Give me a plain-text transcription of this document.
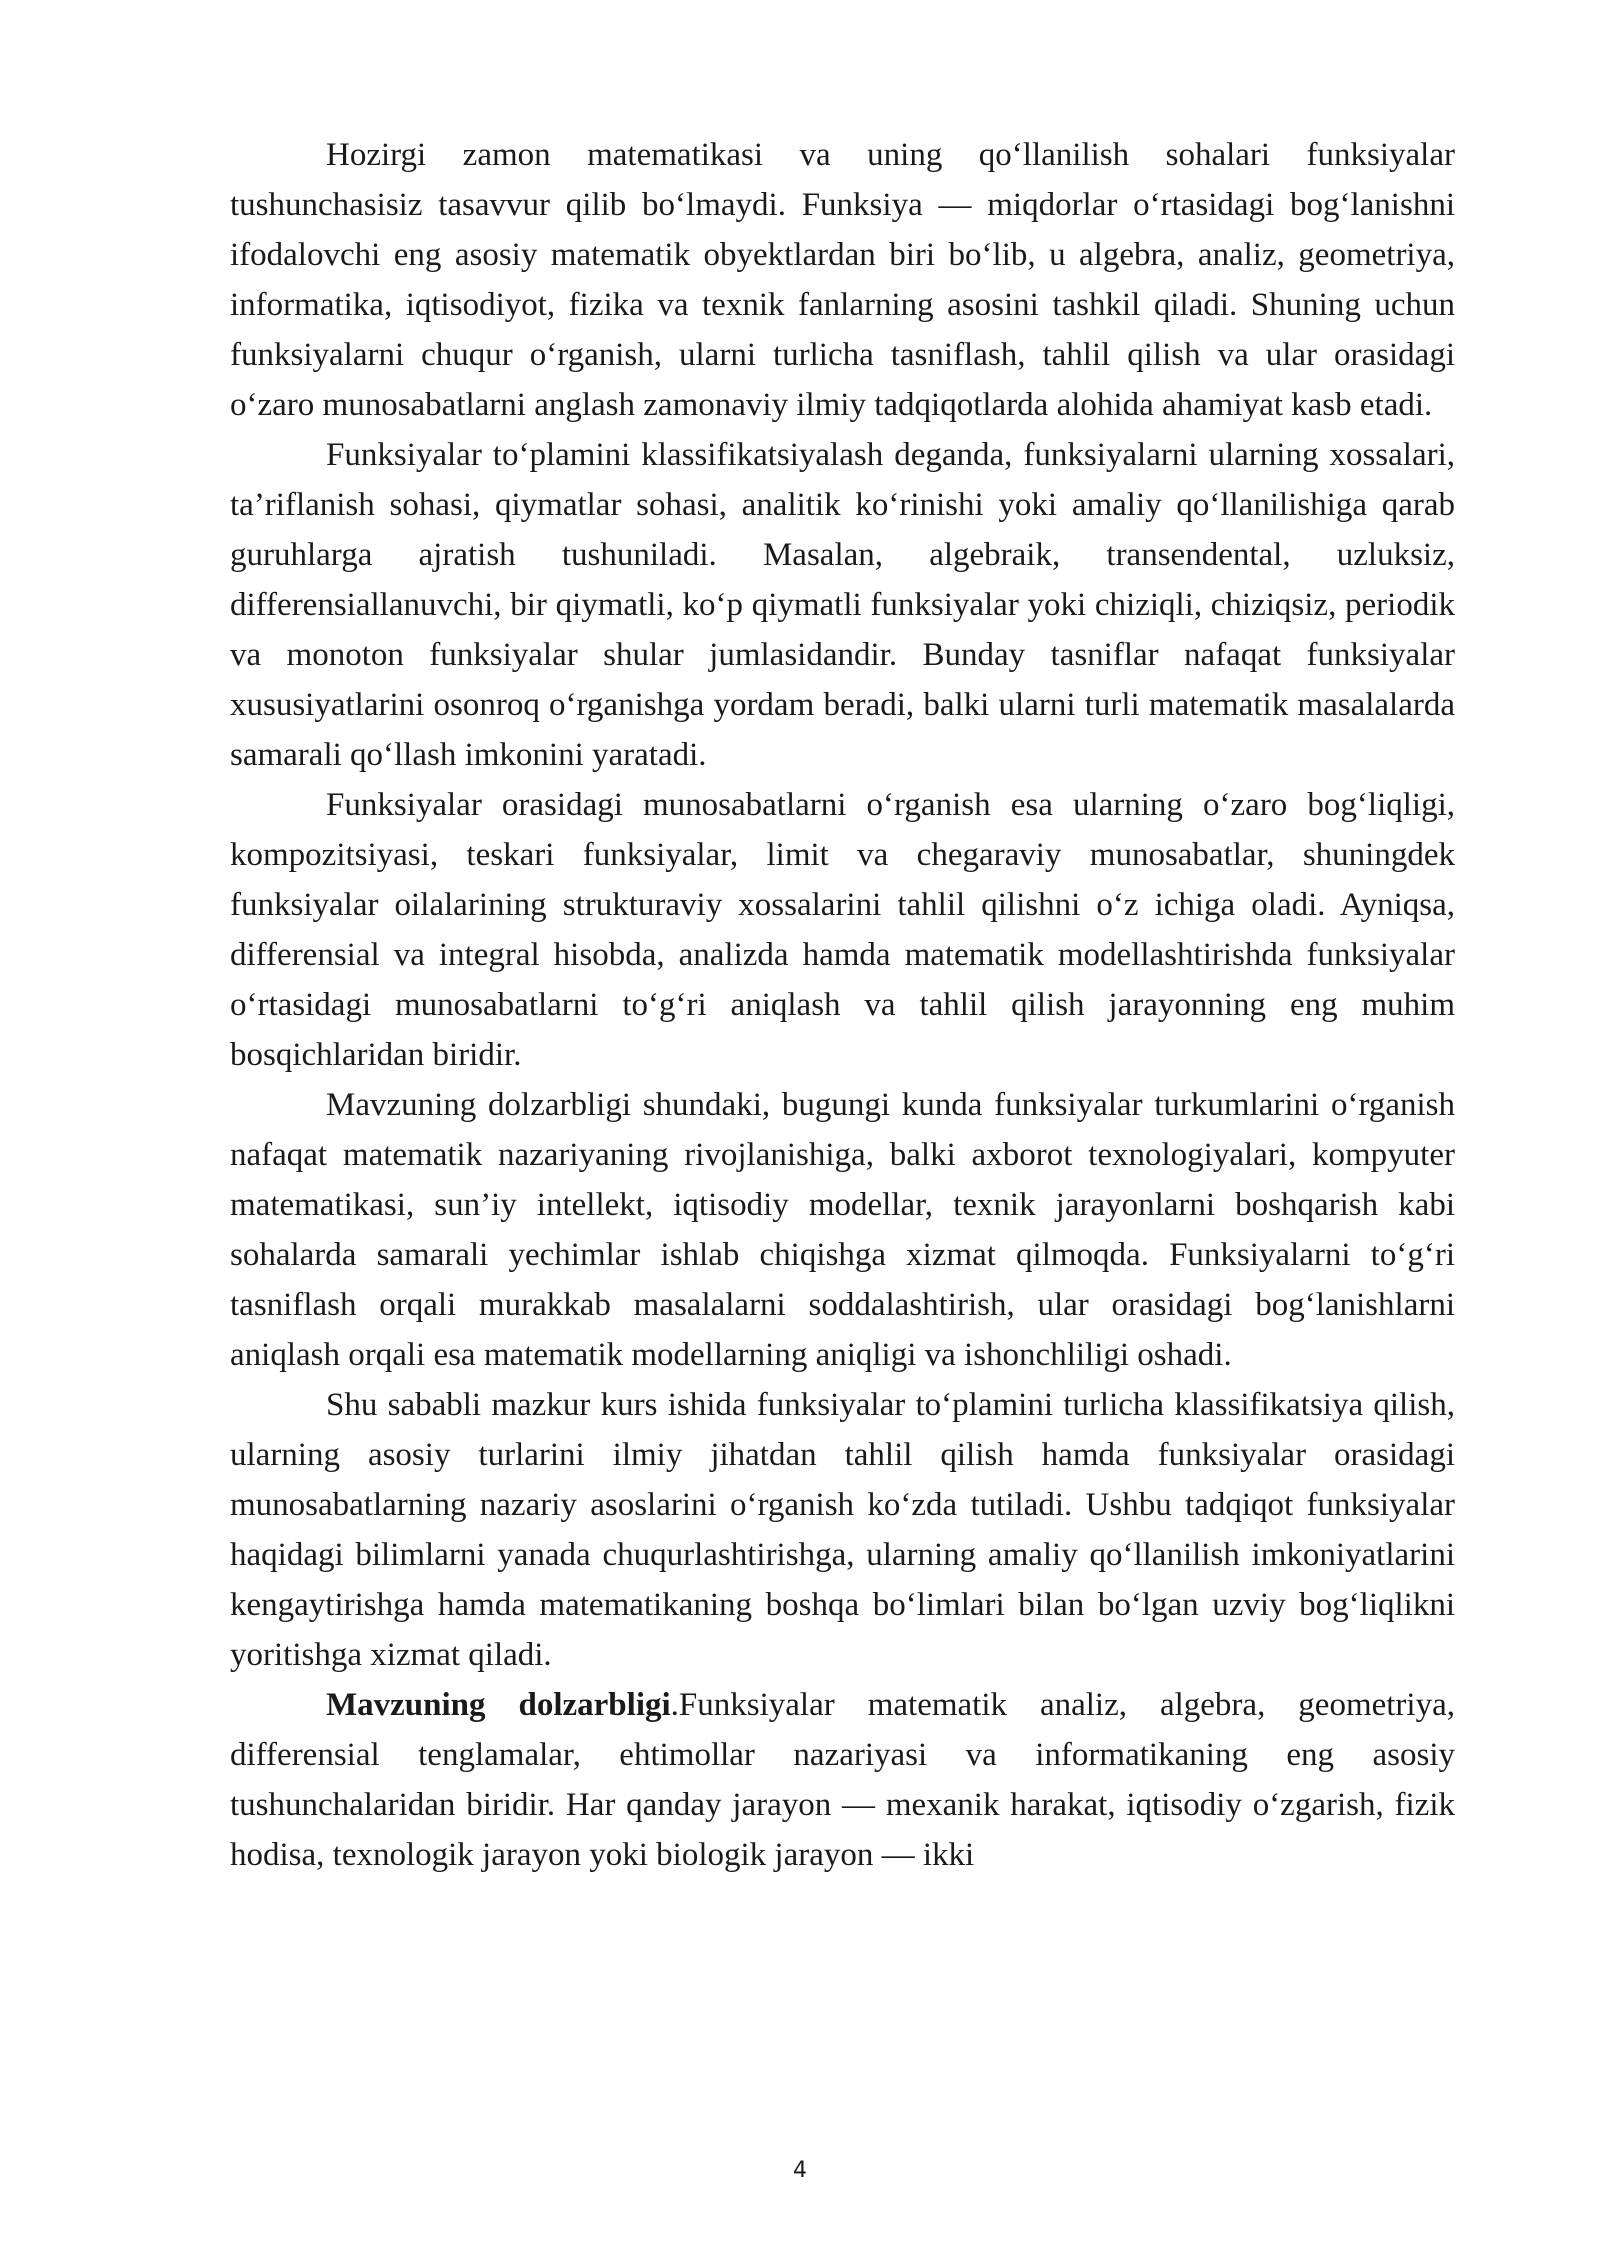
Hozirgi zamon matematikasi va uning qo‘llanilish sohalari funksiyalar tushunchasisiz tasavvur qilib bo‘lmaydi. Funksiya — miqdorlar o‘rtasidagi bog‘lanishni ifodalovchi eng asosiy matematik obyektlardan biri bo‘lib, u algebra, analiz, geometriya, informatika, iqtisodiyot, fizika va texnik fanlarning asosini tashkil qiladi. Shuning uchun funksiyalarni chuqur o‘rganish, ularni turlicha tasniflash, tahlil qilish va ular orasidagi o‘zaro munosabatlarni anglash zamonaviy ilmiy tadqiqotlarda alohida ahamiyat kasb etadi.

Funksiyalar to‘plamini klassifikatsiyalash deganda, funksiyalarni ularning xossalari, ta’riflanish sohasi, qiymatlar sohasi, analitik ko‘rinishi yoki amaliy qo‘llanilishiga qarab guruhlarga ajratish tushuniladi. Masalan, algebraik, transendental, uzluksiz, differensiallanuvchi, bir qiymatli, ko‘p qiymatli funksiyalar yoki chiziqli, chiziqsiz, periodik va monoton funksiyalar shular jumlasidandir. Bunday tasniflar nafaqat funksiyalar xususiyatlarini osonroq o‘rganishga yordam beradi, balki ularni turli matematik masalalarda samarali qo‘llash imkonini yaratadi.

Funksiyalar orasidagi munosabatlarni o‘rganish esa ularning o‘zaro bog‘liqligi, kompozitsiyasi, teskari funksiyalar, limit va chegaraviy munosabatlar, shuningdek funksiyalar oilalarining strukturaviy xossalarini tahlil qilishni o‘z ichiga oladi. Ayniqsa, differensial va integral hisobda, analizda hamda matematik modellashtirishda funksiyalar o‘rtasidagi munosabatlarni to‘g‘ri aniqlash va tahlil qilish jarayonning eng muhim bosqichlaridan biridir.

Mavzuning dolzarbligi shundaki, bugungi kunda funksiyalar turkumlarini o‘rganish nafaqat matematik nazariyaning rivojlanishiga, balki axborot texnologiyalari, kompyuter matematikasi, sun’iy intellekt, iqtisodiy modellar, texnik jarayonlarni boshqarish kabi sohalarda samarali yechimlar ishlab chiqishga xizmat qilmoqda. Funksiyalarni to‘g‘ri tasniflash orqali murakkab masalalarni soddalashtirish, ular orasidagi bog‘lanishlarni aniqlash orqali esa matematik modellarning aniqligi va ishonchliligi oshadi.

Shu sababli mazkur kurs ishida funksiyalar to‘plamini turlicha klassifikatsiya qilish, ularning asosiy turlarini ilmiy jihatdan tahlil qilish hamda funksiyalar orasidagi munosabatlarning nazariy asoslarini o‘rganish ko‘zda tutiladi. Ushbu tadqiqot funksiyalar haqidagi bilimlarni yanada chuqurlashtirishga, ularning amaliy qo‘llanilish imkoniyatlarini kengaytirishga hamda matematikaning boshqa bo‘limlari bilan bo‘lgan uzviy bog‘liqlikni yoritishga xizmat qiladi.

Mavzuning dolzarbligi.Funksiyalar matematik analiz, algebra, geometriya, differensial tenglamalar, ehtimollar nazariyasi va informatikaning eng asosiy tushunchalaridan biridir. Har qanday jarayon — mexanik harakat, iqtisodiy o‘zgarish, fizik hodisa, texnologik jarayon yoki biologik jarayon — ikki

4
